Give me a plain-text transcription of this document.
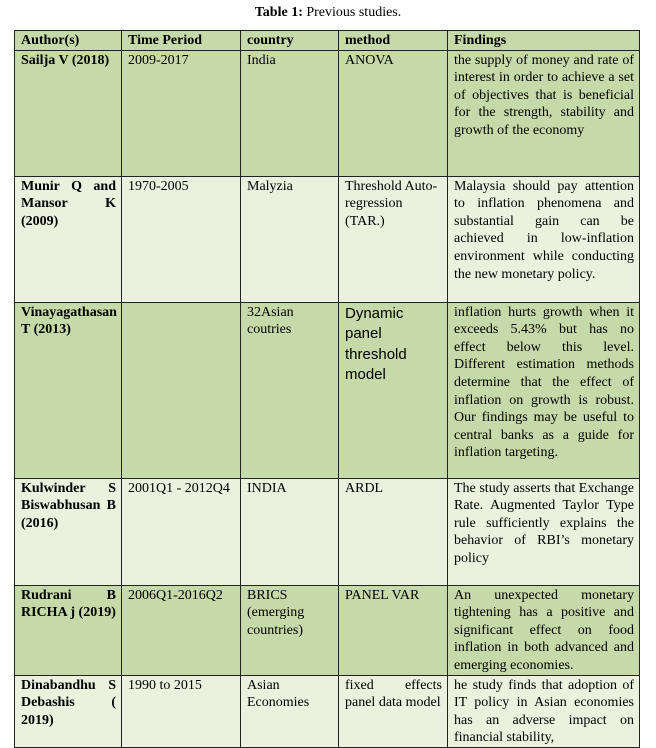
Table 1: Previous studies.
Author(s)	Time Period	country	method	Findings
Sailja V (2018)	2009-2017	India	ANOVA	the supply of money and rate of interest in order to achieve a set of objectives that is beneficial for the strength, stability and growth of the economy
Munir Q and Mansor K (2009)	1970-2005	Malyzia	Threshold Auto-regression (TAR.)	Malaysia should pay attention to inflation phenomena and substantial gain can be achieved in low-inflation environment while conducting the new monetary policy.
Vinayagathasan T (2013)		32Asian coutries	Dynamic panel threshold model	inflation hurts growth when it exceeds 5.43% but has no effect below this level. Different estimation methods determine that the effect of inflation on growth is robust. Our findings may be useful to central banks as a guide for inflation targeting.
Kulwinder S Biswabhusan B (2016)	2001Q1 - 2012Q4	INDIA	ARDL	The study asserts that Exchange Rate. Augmented Taylor Type rule sufficiently explains the behavior of RBI’s monetary policy
Rudrani B RICHA j (2019)	2006Q1-2016Q2	BRICS (emerging countries)	PANEL VAR	An unexpected monetary tightening has a positive and significant effect on food inflation in both advanced and emerging economies.
Dinabandhu S Debashis ( 2019)	1990 to 2015	Asian Economies	fixed effects panel data model	he study finds that adoption of IT policy in Asian economies has an adverse impact on financial stability,
